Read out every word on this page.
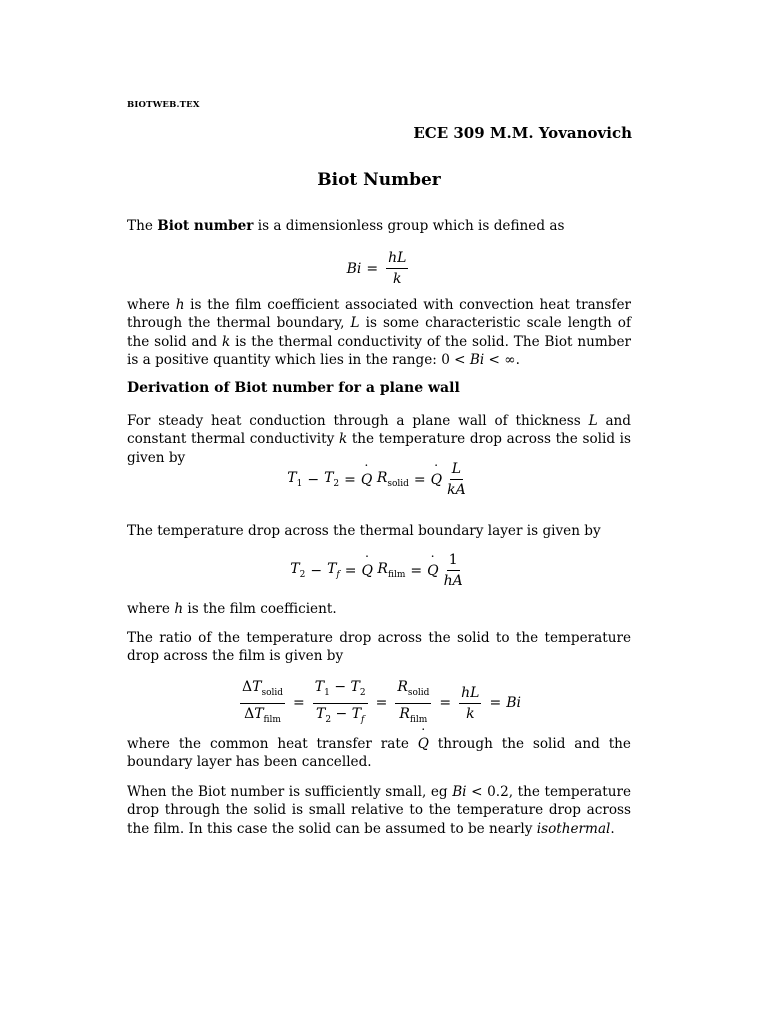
BIOTWEB.TEX
ECE 309 M.M. Yovanovich
Biot Number
The Biot number is a dimensionless group which is defined as
$Bi = \frac{hL}{k}$
where h is the film coefficient associated with convection heat transfer through the thermal boundary, L is some characteristic scale length of the solid and k is the thermal conductivity of the solid. The Biot number is a positive quantity which lies in the range: 0 < Bi < ∞.
Derivation of Biot number for a plane wall
For steady heat conduction through a plane wall of thickness L and constant thermal conductivity k the temperature drop across the solid is given by
$T_1 - T_2$ = ˙ Q
$R_{solid}$ = ˙ Q $\frac{L}{kA}$
The temperature drop across the thermal boundary layer is given by
$T_2 - T_f$ = ˙ Q
$R_{film}$ = ˙ Q $\frac{1}{hA}$
where h is the film coefficient.
The ratio of the temperature drop across the solid to the temperature drop across the film is given by
$\frac{\Delta T_{solid}}{\Delta T_{film}} = \frac{T_1 - T_2}{T_2 - T_f} = \frac{R_{solid}}{R_{film}} = \frac{hL}{k} = Bi$
where the common heat transfer rate ˙ Q through the solid and the boundary layer has been cancelled.
When the Biot number is sufficiently small, eg Bi < 0.2, the temperature drop through the solid is small relative to the temperature drop across the film. In this case the solid can be assumed to be nearly isothermal.
